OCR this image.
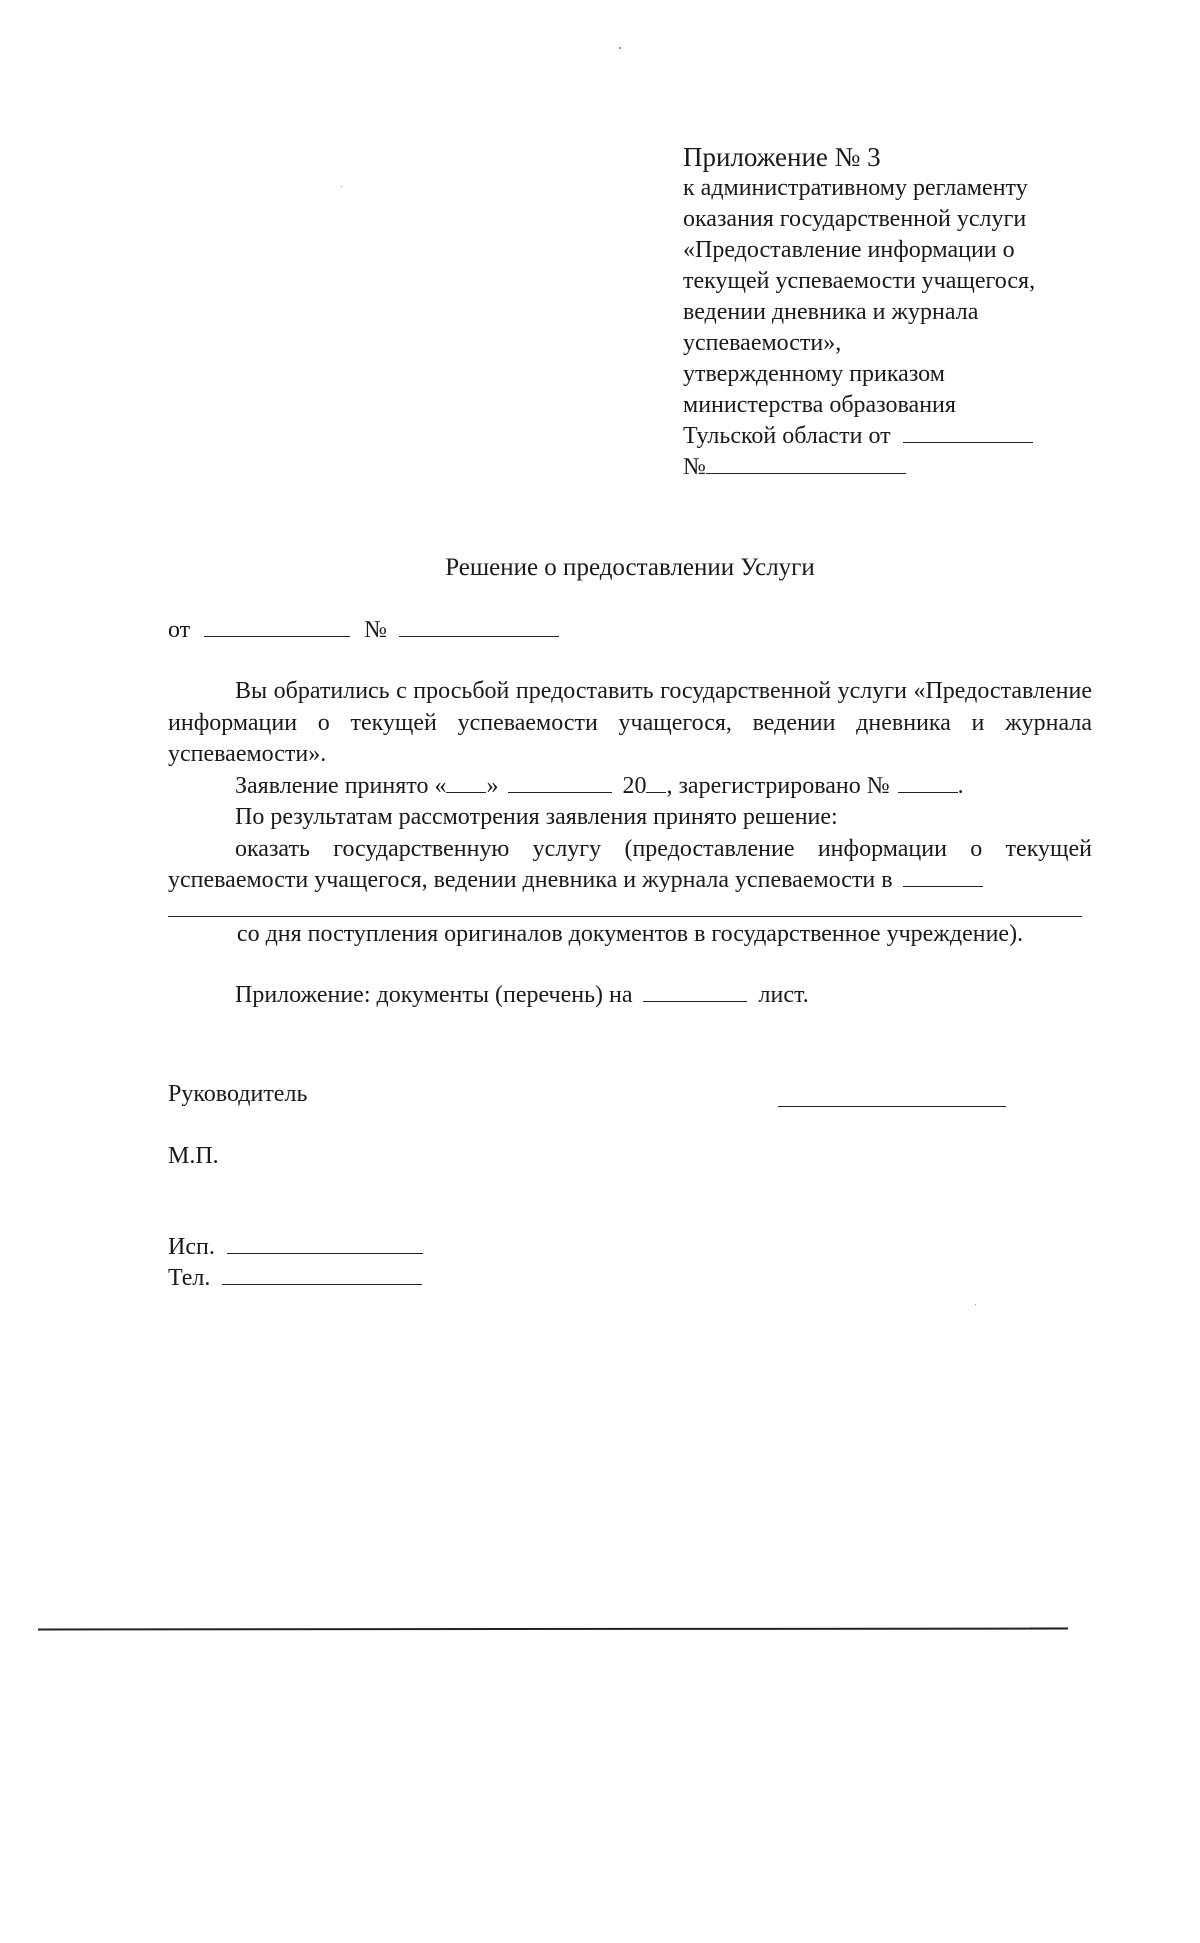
Приложение № 3
к административному регламенту
оказания государственной услуги
«Предоставление информации о
текущей успеваемости учащегося,
ведении дневника и журнала
успеваемости»,
утвержденному приказом
министерства образования
Тульской области от
№
Решение о предоставлении Услуги
от	№
Вы обратились с просьбой предоставить государственной услуги «Предоставление информации о текущей успеваемости учащегося, ведении дневника и журнала успеваемости».
Заявление принято « »	20 , зарегистрировано №	.
По результатам рассмотрения заявления принято решение:
оказать государственную услугу (предоставление информации о текущей успеваемости учащегося, ведении дневника и журнала успеваемости в
со дня поступления оригиналов документов в государственное учреждение).
Приложение: документы (перечень) на	лист.
Руководитель
М.П.
Исп.
Тел.
